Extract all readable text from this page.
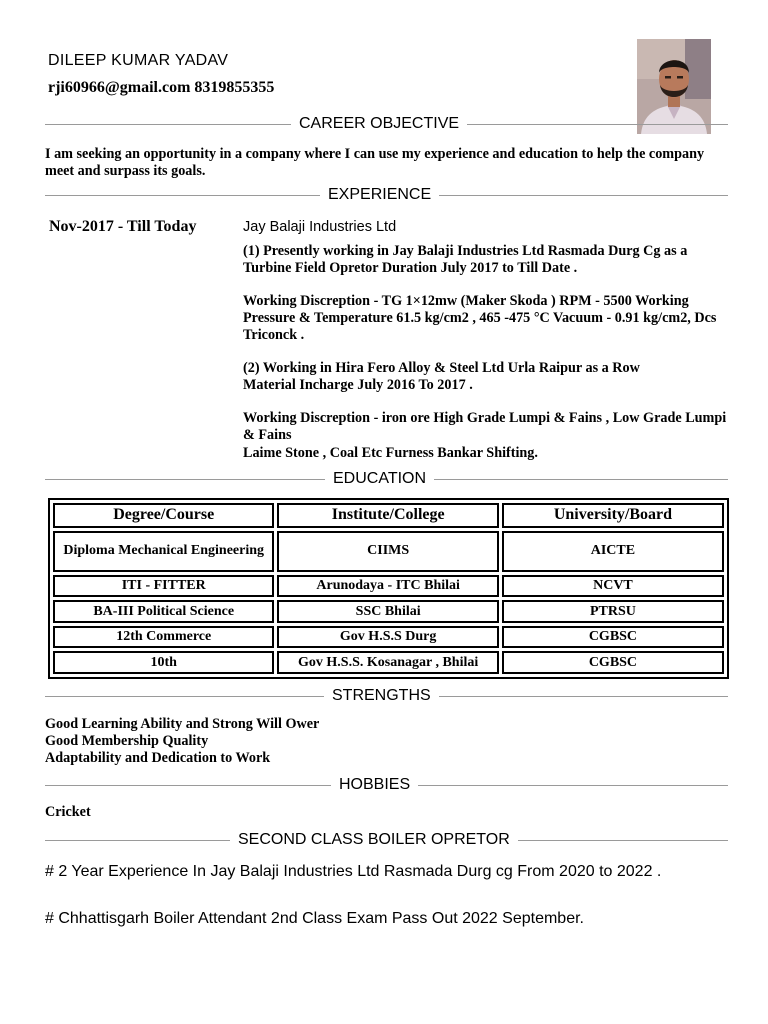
DILEEP KUMAR YADAV
rji60966@gmail.com 8319855355
CAREER OBJECTIVE
I am seeking an opportunity in a company where I can use my experience and education to help the company meet and surpass its goals.
EXPERIENCE
Nov-2017 - Till Today	Jay Balaji Industries Ltd
(1) Presently working in Jay Balaji Industries Ltd Rasmada Durg Cg as a Turbine Field Opretor Duration July 2017 to Till Date .
Working Discreption - TG 1×12mw (Maker Skoda ) RPM - 5500 Working Pressure & Temperature 61.5 kg/cm2 , 465 -475 °C Vacuum - 0.91 kg/cm2, Dcs Triconck .
(2) Working in Hira Fero Alloy & Steel Ltd Urla Raipur as a Row Material Incharge July 2016 To 2017 .
Working Discreption - iron ore High Grade Lumpi & Fains , Low Grade Lumpi & Fains
Laime Stone , Coal Etc Furness Bankar Shifting.
EDUCATION
Degree/Course	Institute/College	University/Board
Diploma Mechanical Engineering	CIIMS	AICTE
ITI - FITTER	Arunodaya - ITC Bhilai	NCVT
BA-III Political Science	SSC Bhilai	PTRSU
12th Commerce	Gov H.S.S Durg	CGBSC
10th	Gov H.S.S. Kosanagar , Bhilai	CGBSC
STRENGTHS
Good Learning Ability and Strong Will Ower
Good Membership Quality
Adaptability and Dedication to Work
HOBBIES
Cricket
SECOND CLASS BOILER OPRETOR
# 2 Year Experience In Jay Balaji Industries Ltd Rasmada Durg cg From 2020 to 2022 .
# Chhattisgarh Boiler Attendant 2nd Class Exam Pass Out 2022 September.
